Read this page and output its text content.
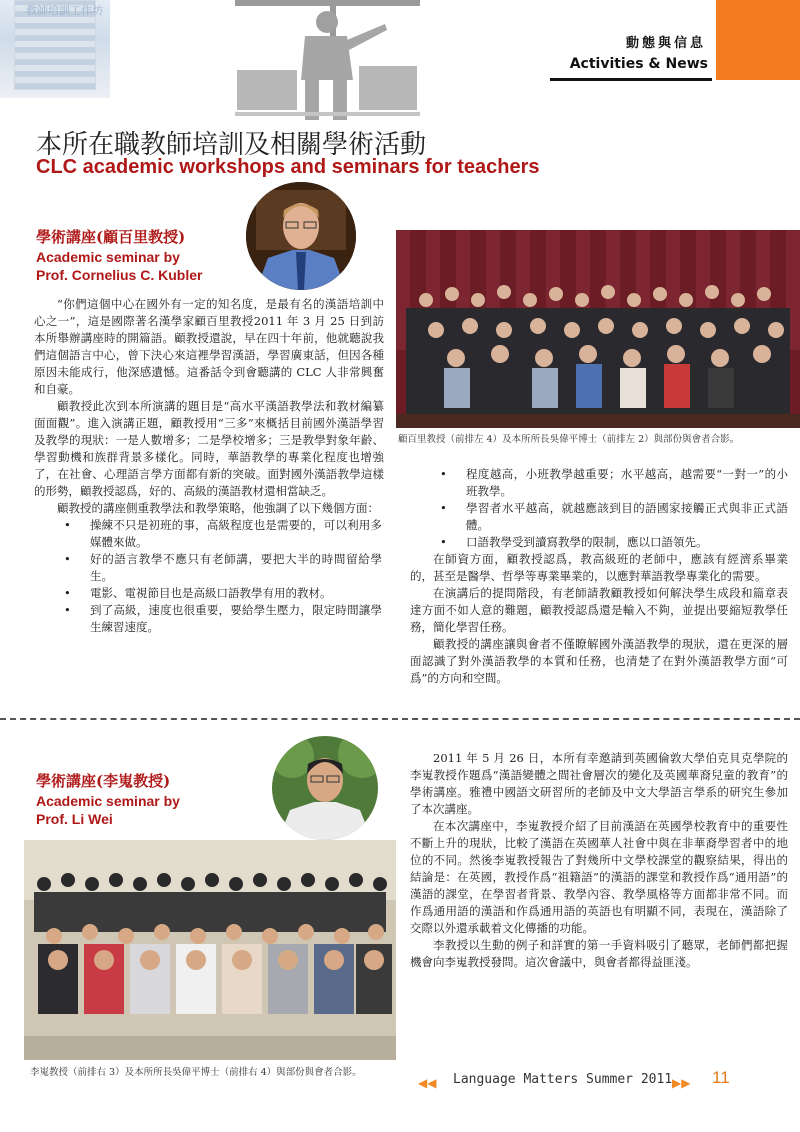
教師培訓工作坊
動態與信息
Activities & News
本所在職教師培訓及相關學術活動
CLC academic workshops and seminars for teachers
學術講座(顧百里教授)
Academic seminar by
Prof. Cornelius C. Kubler

“你們這個中心在國外有一定的知名度，是最有名的漢語培訓中心之一”，這是國際著名漢學家顧百里教授2011 年 3 月 25 日到訪本所舉辦講座時的開篇語。顧教授還說，早在四十年前，他就聽說我們這個語言中心，曾下決心來這裡學習漢語，學習廣東話，但因各種原因未能成行，他深感遺憾。這番話令到會聽講的 CLC 人非常興奮和自豪。

顧教授此次到本所演講的題目是“高水平漢語教學法和教材編纂面面觀”。進入演講正題，顧教授用“三多”來概括目前國外漢語學習及教學的現狀：一是人數增多；二是學校增多；三是教學對象年齡、學習動機和族群背景多樣化。同時，華語教學的專業化程度也增強了，在社會、心理語言學方面都有新的突破。面對國外漢語教學這樣的形勢，顧教授認爲，好的、高級的漢語教材還相當缺乏。

顧教授的講座側重教學法和教學策略，他強調了以下幾個方面：

• 操練不只是初班的事，高級程度也是需要的，可以利用多媒體來做。
• 好的語言教學不應只有老師講，要把大半的時間留給學生。
• 電影、電視節目也是高級口語教學有用的教材。
• 到了高級，速度也很重要，要給學生壓力，限定時間讓學生練習速度。
顧百里教授（前排左 4）及本所所長吳偉平博士（前排左 2）與部份與會者合影。
• 程度越高，小班教學越重要；水平越高，越需要“一對一”的小班教學。
• 學習者水平越高，就越應該到目的語國家接觸正式與非正式語體。
• 口語教學受到讀寫教學的限制，應以口語領先。

在師資方面，顧教授認爲，教高級班的老師中，應該有經濟系畢業的，甚至是醫學、哲學等專業畢業的，以應對華語教學專業化的需要。

在演講后的提問階段，有老師請教顧教授如何解決學生成段和篇章表達方面不如人意的難題，顧教授認爲還是輸入不夠，並提出要縮短教學任務，簡化學習任務。

顧教授的講座讓與會者不僅瞭解國外漢語教學的現狀，還在更深的層面認識了對外漢語教學的本質和任務，也清楚了在對外漢語教學方面“可爲”的方向和空間。

學術講座(李嵬教授)
Academic seminar by
Prof. Li Wei
李嵬教授（前排右 3）及本所所長吳偉平博士（前排右 4）與部份與會者合影。

2011 年 5 月 26 日，本所有幸邀請到英國倫敦大學伯克貝克學院的李嵬教授作題爲“漢語變體之間社會層次的變化及英國華裔兒童的教育”的學術講座。雅禮中國語文研習所的老師及中文大學語言學系的研究生參加了本次講座。

在本次講座中，李嵬教授介紹了目前漢語在英國學校教育中的重要性不斷上升的現狀，比較了漢語在英國華人社會中與在非華裔學習者中的地位的不同。然後李嵬教授報告了對幾所中文學校課堂的觀察結果，得出的結論是：在英國，教授作爲“祖籍語”的漢語的課堂和教授作爲“通用語”的漢語的課堂，在學習者背景、教學內容、教學風格等方面都非常不同。而作爲通用語的漢語和作爲通用語的英語也有明顯不同，表現在，漢語除了交際以外還承載着文化傳播的功能。

李教授以生動的例子和詳實的第一手資料吸引了聽眾，老師們都把握機會向李嵬教授發問。這次會議中，與會者都得益匪淺。

◀◀ Language Matters Summer 2011 ▶▶ 11
